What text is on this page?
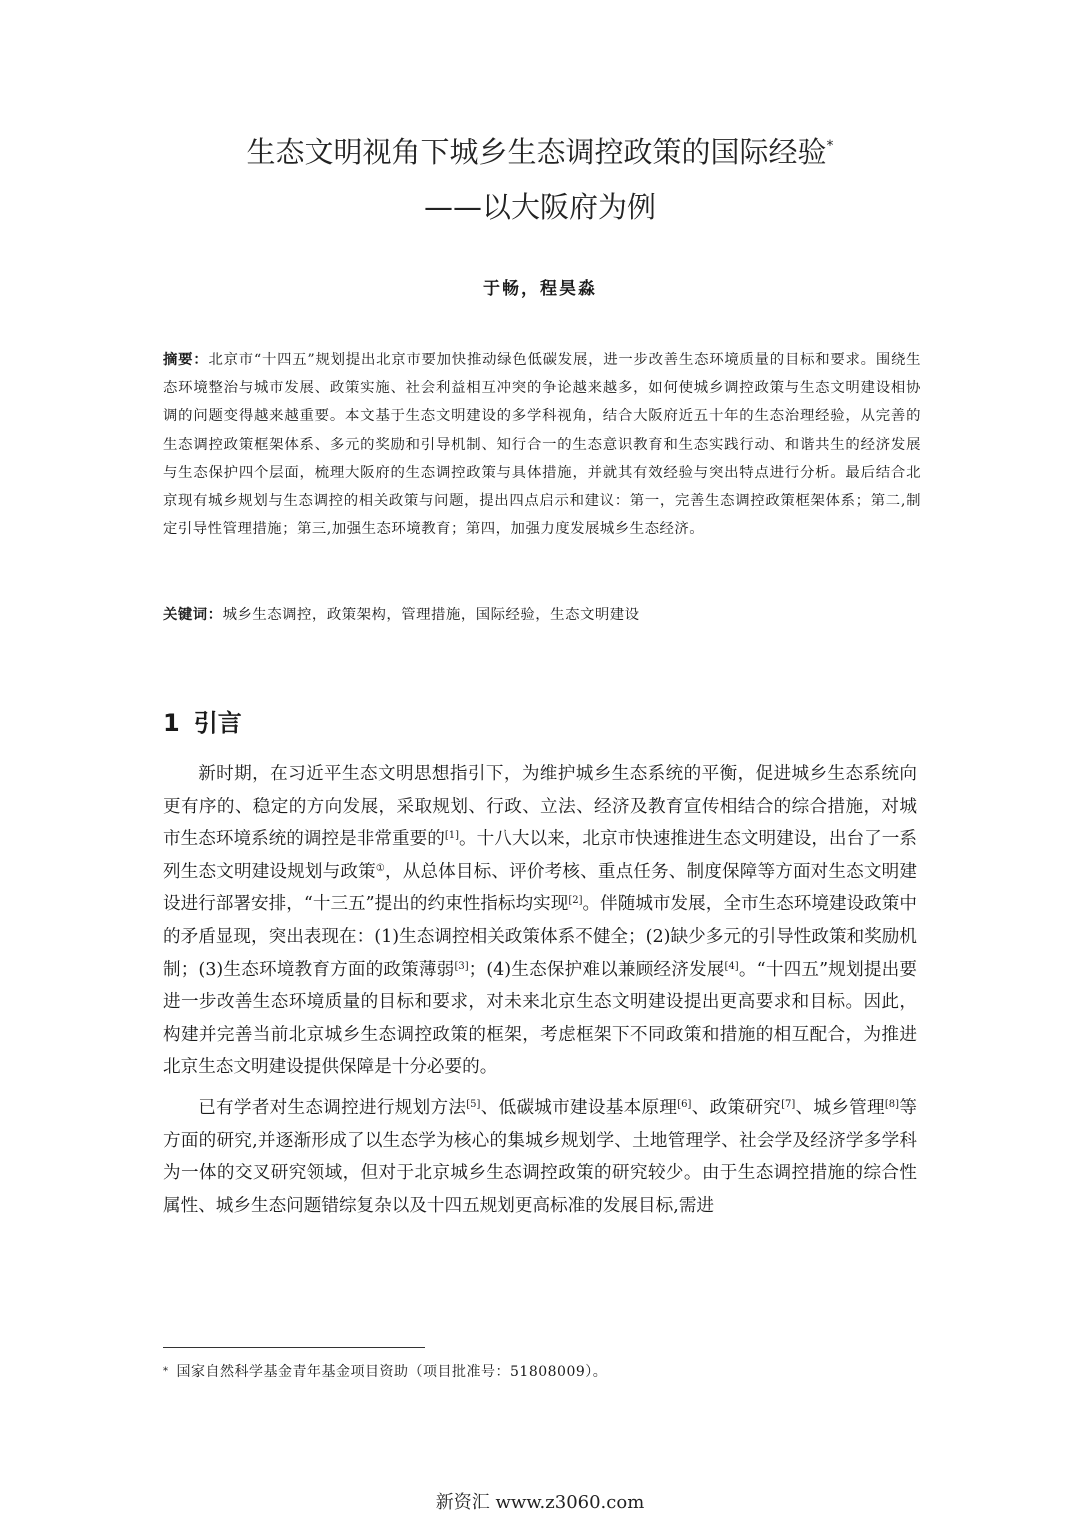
生态文明视角下城乡生态调控政策的国际经验*
——以大阪府为例
于畅，程昊淼
摘要：北京市“十四五”规划提出北京市要加快推动绿色低碳发展，进一步改善生态环境质量的目标和要求。围绕生态环境整治与城市发展、政策实施、社会利益相互冲突的争论越来越多，如何使城乡调控政策与生态文明建设相协调的问题变得越来越重要。本文基于生态文明建设的多学科视角，结合大阪府近五十年的生态治理经验，从完善的生态调控政策框架体系、多元的奖励和引导机制、知行合一的生态意识教育和生态实践行动、和谐共生的经济发展与生态保护四个层面，梳理大阪府的生态调控政策与具体措施，并就其有效经验与突出特点进行分析。最后结合北京现有城乡规划与生态调控的相关政策与问题，提出四点启示和建议：第一，完善生态调控政策框架体系；第二,制定引导性管理措施；第三,加强生态环境教育；第四，加强力度发展城乡生态经济。
关键词：城乡生态调控，政策架构，管理措施，国际经验，生态文明建设
1 引言

新时期，在习近平生态文明思想指引下，为维护城乡生态系统的平衡，促进城乡生态系统向更有序的、稳定的方向发展，采取规划、行政、立法、经济及教育宣传相结合的综合措施，对城市生态环境系统的调控是非常重要的[1]。十八大以来，北京市快速推进生态文明建设，出台了一系列生态文明建设规划与政策①，从总体目标、评价考核、重点任务、制度保障等方面对生态文明建设进行部署安排，“十三五”提出的约束性指标均实现[2]。伴随城市发展，全市生态环境建设政策中的矛盾显现，突出表现在：(1)生态调控相关政策体系不健全；(2)缺少多元的引导性政策和奖励机制；(3)生态环境教育方面的政策薄弱[3]；(4)生态保护难以兼顾经济发展[4]。“十四五”规划提出要进一步改善生态环境质量的目标和要求，对未来北京生态文明建设提出更高要求和目标。因此，构建并完善当前北京城乡生态调控政策的框架，考虑框架下不同政策和措施的相互配合，为推进北京生态文明建设提供保障是十分必要的。

已有学者对生态调控进行规划方法[5]、低碳城市建设基本原理[6]、政策研究[7]、城乡管理[8]等方面的研究,并逐渐形成了以生态学为核心的集城乡规划学、土地管理学、社会学及经济学多学科为一体的交叉研究领域，但对于北京城乡生态调控政策的研究较少。由于生态调控措施的综合性属性、城乡生态问题错综复杂以及十四五规划更高标准的发展目标,需进

* 国家自然科学基金青年基金项目资助（项目批准号：51808009）。
新资汇 www.z3060.com
